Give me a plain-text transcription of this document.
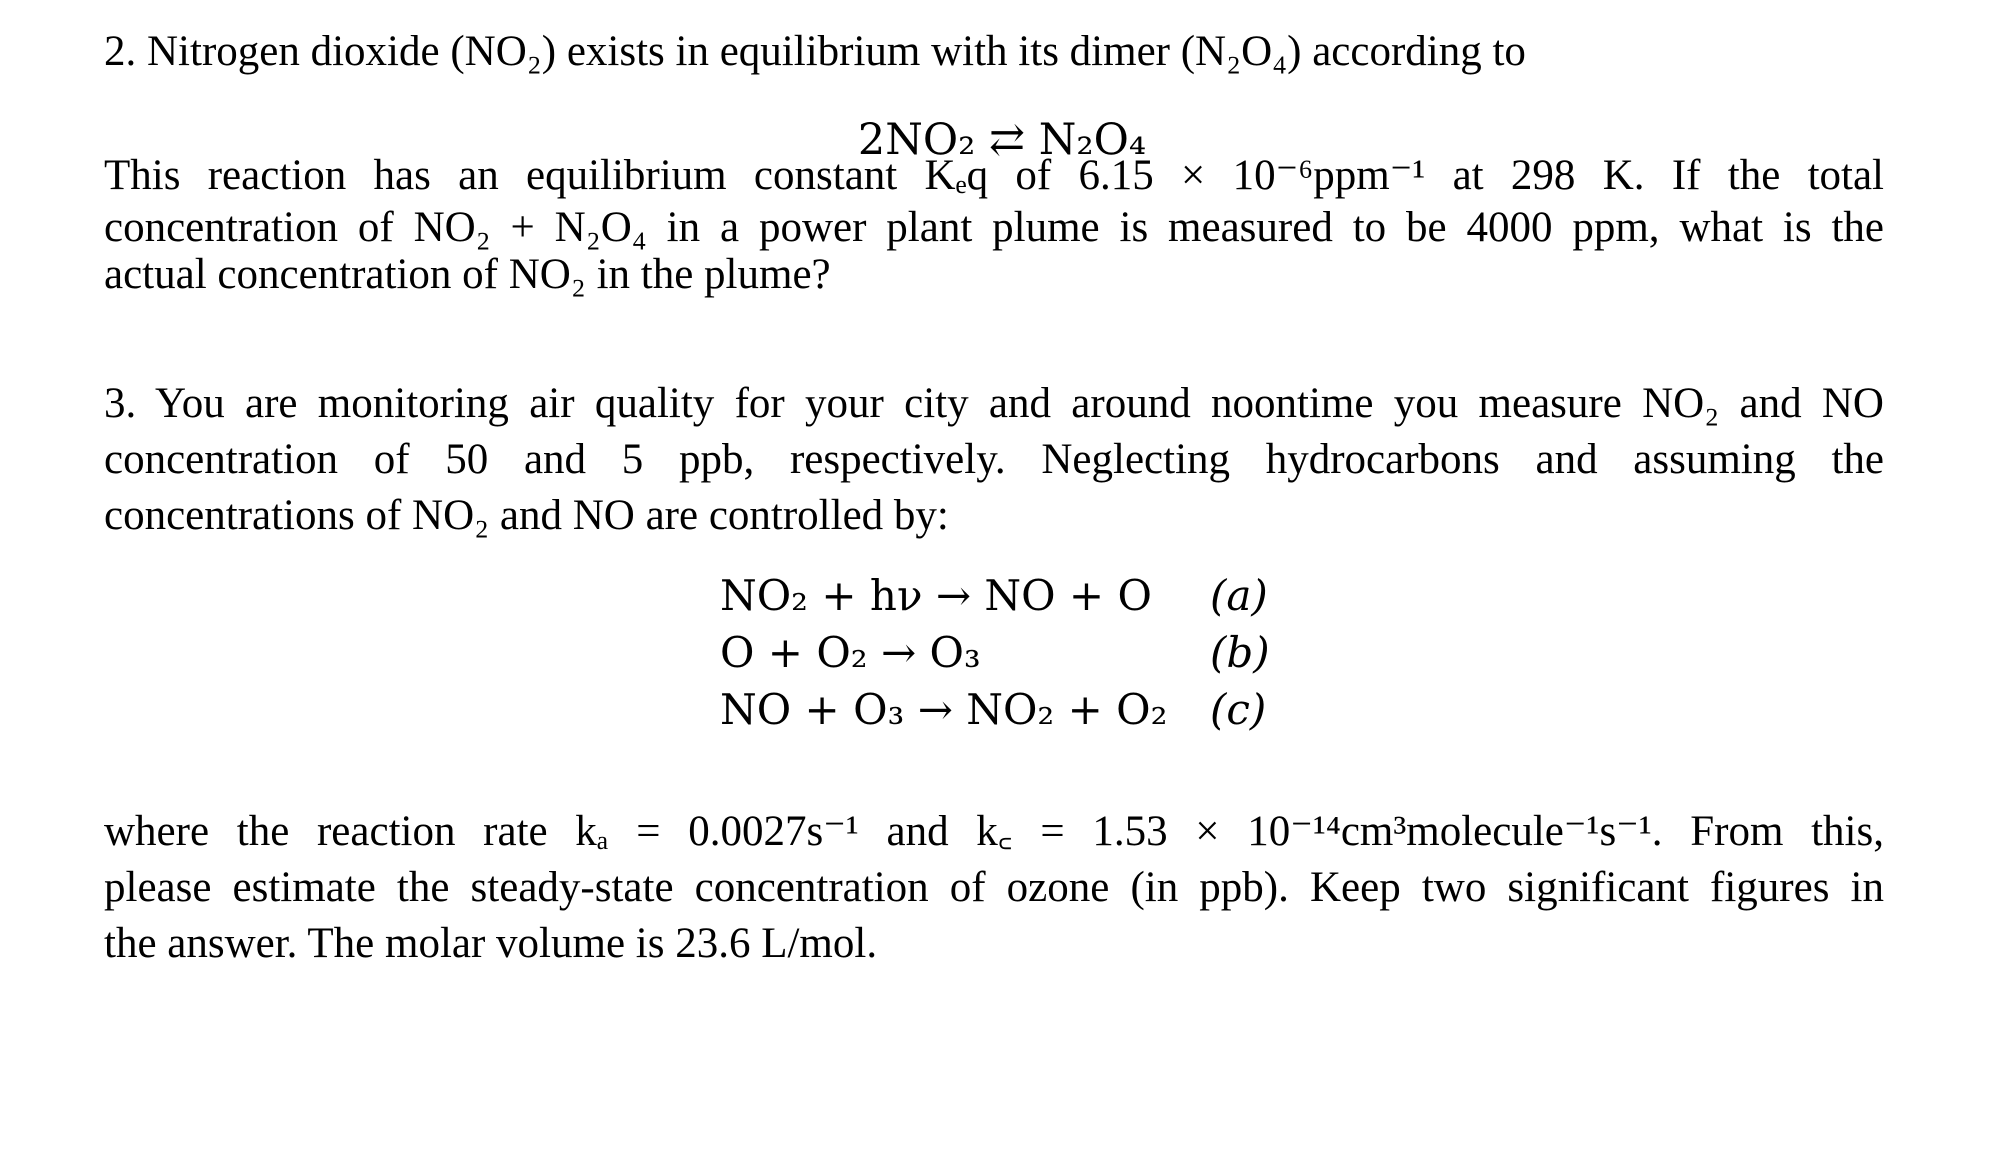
2. Nitrogen dioxide (NO₂) exists in equilibrium with its dimer (N₂O₄) according to
2NO₂ ⇄ N₂O₄
This reaction has an equilibrium constant Kₑq of 6.15 × 10⁻⁶ppm⁻¹ at 298 K. If the total
concentration of NO₂ + N₂O₄ in a power plant plume is measured to be 4000 ppm, what is the
actual concentration of NO₂ in the plume?
3. You are monitoring air quality for your city and around noontime you measure NO₂ and NO
concentration of 50 and 5 ppb, respectively. Neglecting hydrocarbons and assuming the
concentrations of NO₂ and NO are controlled by:
NO₂ + hν → NO + O (a)
O + O₂ → O₃	(b)
NO + O₃ → NO₂ + O₂ (c)
where the reaction rate kₐ = 0.0027s⁻¹ and k꜀ = 1.53 × 10⁻¹⁴cm³molecule⁻¹s⁻¹. From this,
please estimate the steady-state concentration of ozone (in ppb). Keep two significant figures in
the answer. The molar volume is 23.6 L/mol.
